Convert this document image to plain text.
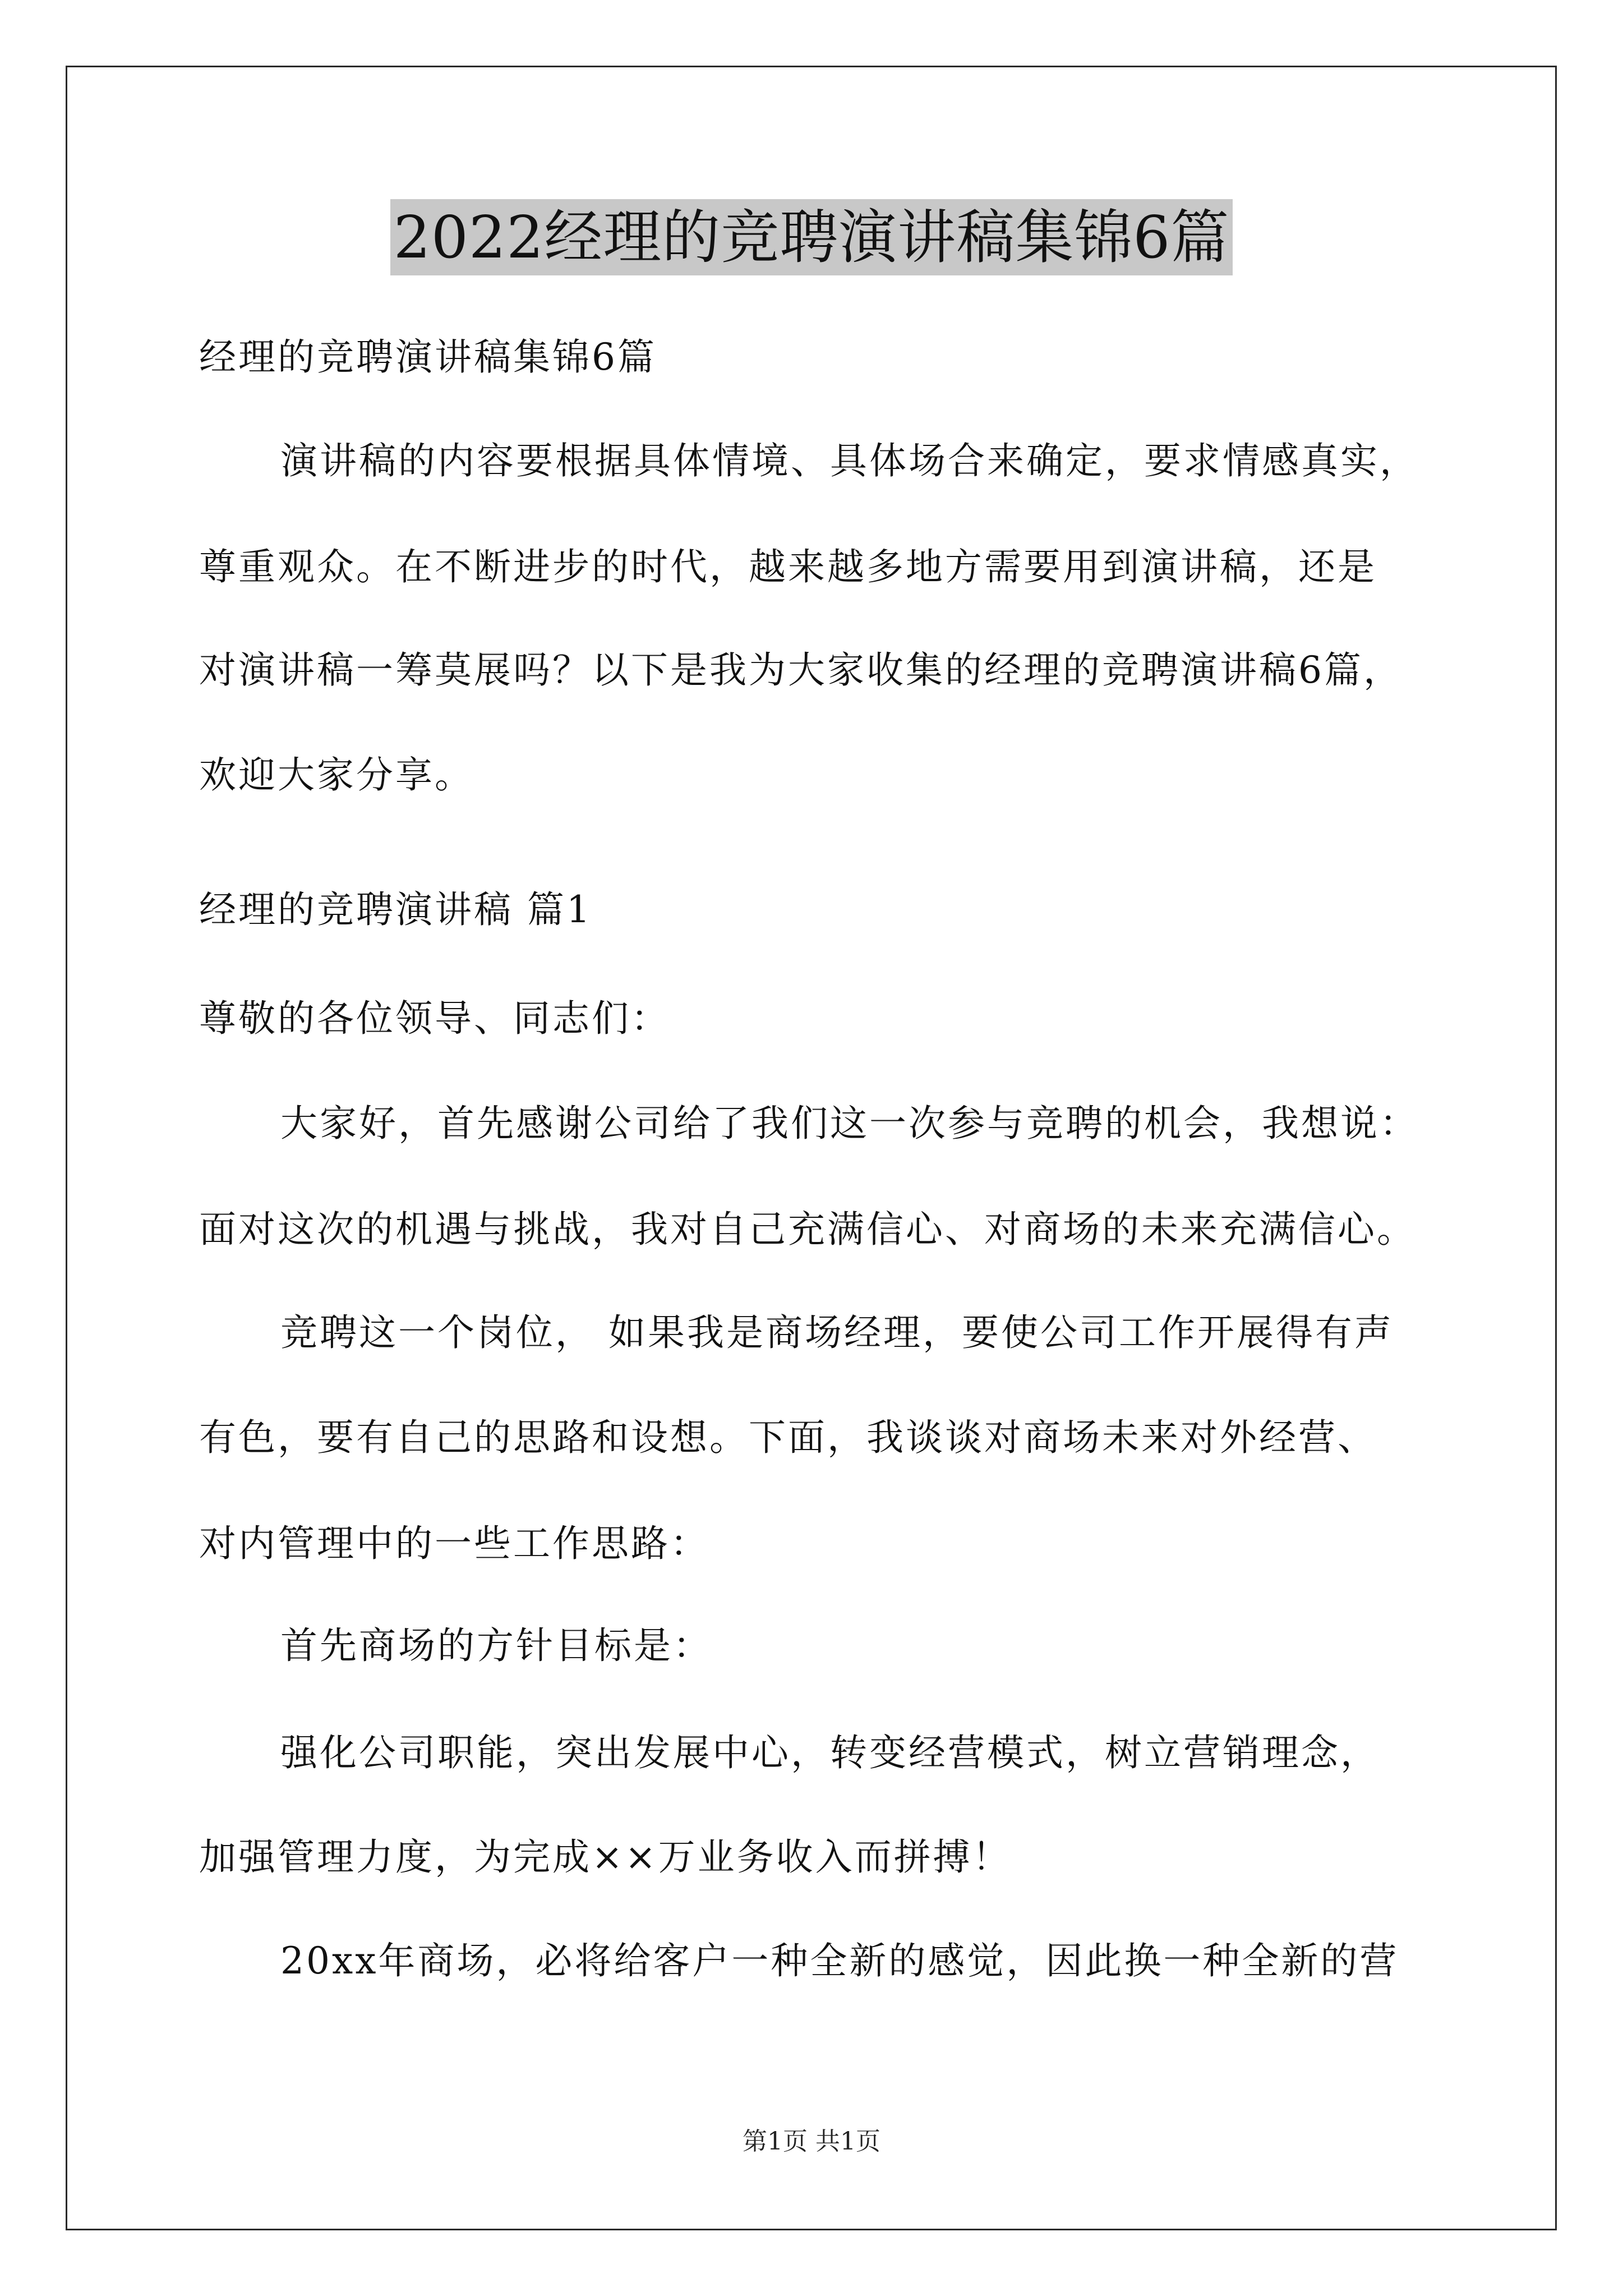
2022经理的竞聘演讲稿集锦6篇
经理的竞聘演讲稿集锦6篇
演讲稿的内容要根据具体情境、具体场合来确定，要求情感真实，
尊重观众。在不断进步的时代，越来越多地方需要用到演讲稿，还是
对演讲稿一筹莫展吗？以下是我为大家收集的经理的竞聘演讲稿6篇，
欢迎大家分享。
经理的竞聘演讲稿 篇1
尊敬的各位领导、同志们：
大家好，首先感谢公司给了我们这一次参与竞聘的机会，我想说：
面对这次的机遇与挑战，我对自己充满信心、对商场的未来充满信心。
竞聘这一个岗位， 如果我是商场经理，要使公司工作开展得有声
有色，要有自己的思路和设想。下面，我谈谈对商场未来对外经营、
对内管理中的一些工作思路：
首先商场的方针目标是：
强化公司职能，突出发展中心，转变经营模式，树立营销理念，
加强管理力度，为完成××万业务收入而拼搏！
20xx年商场，必将给客户一种全新的感觉，因此换一种全新的营
第1页 共1页
